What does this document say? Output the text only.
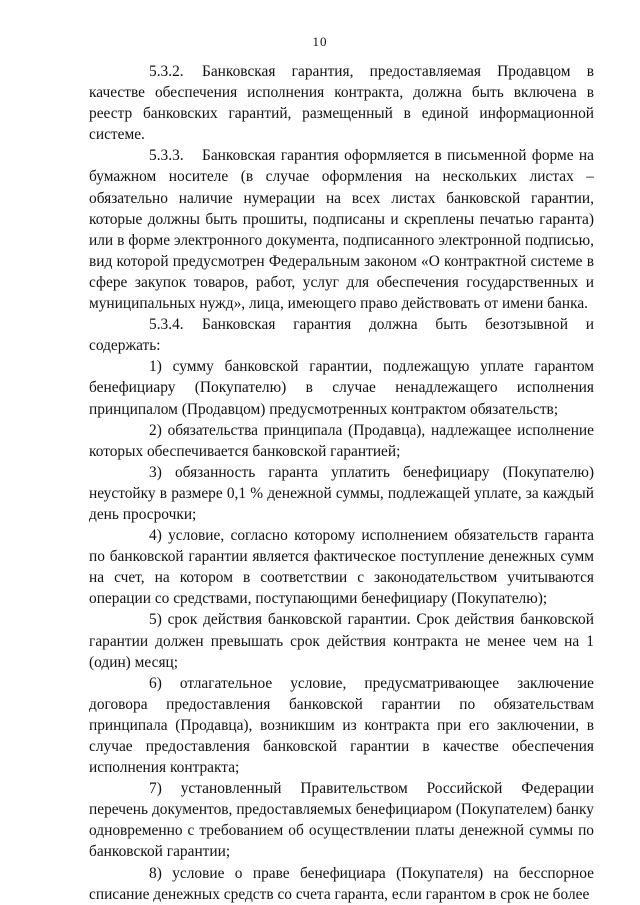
10

5.3.2. Банковская гарантия, предоставляемая Продавцом в качестве обеспечения исполнения контракта, должна быть включена в реестр банковских гарантий, размещенный в единой информационной системе.

5.3.3. Банковская гарантия оформляется в письменной форме на бумажном носителе (в случае оформления на нескольких листах – обязательно наличие нумерации на всех листах банковской гарантии, которые должны быть прошиты, подписаны и скреплены печатью гаранта) или в форме электронного документа, подписанного электронной подписью, вид которой предусмотрен Федеральным законом «О контрактной системе в сфере закупок товаров, работ, услуг для обеспечения государственных и муниципальных нужд», лица, имеющего право действовать от имени банка.

5.3.4. Банковская гарантия должна быть безотзывной и содержать:

1) сумму банковской гарантии, подлежащую уплате гарантом бенефициару (Покупателю) в случае ненадлежащего исполнения принципалом (Продавцом) предусмотренных контрактом обязательств;

2) обязательства принципала (Продавца), надлежащее исполнение которых обеспечивается банковской гарантией;

3) обязанность гаранта уплатить бенефициару (Покупателю) неустойку в размере 0,1 % денежной суммы, подлежащей уплате, за каждый день просрочки;

4) условие, согласно которому исполнением обязательств гаранта по банковской гарантии является фактическое поступление денежных сумм на счет, на котором в соответствии с законодательством учитываются операции со средствами, поступающими бенефициару (Покупателю);

5) срок действия банковской гарантии. Срок действия банковской гарантии должен превышать срок действия контракта не менее чем на 1 (один) месяц;

6) отлагательное условие, предусматривающее заключение договора предоставления банковской гарантии по обязательствам принципала (Продавца), возникшим из контракта при его заключении, в случае предоставления банковской гарантии в качестве обеспечения исполнения контракта;

7) установленный Правительством Российской Федерации перечень документов, предоставляемых бенефициаром (Покупателем) банку одновременно с требованием об осуществлении платы денежной суммы по банковской гарантии;

8) условие о праве бенефициара (Покупателя) на бесспорное списание денежных средств со счета гаранта, если гарантом в срок не более
